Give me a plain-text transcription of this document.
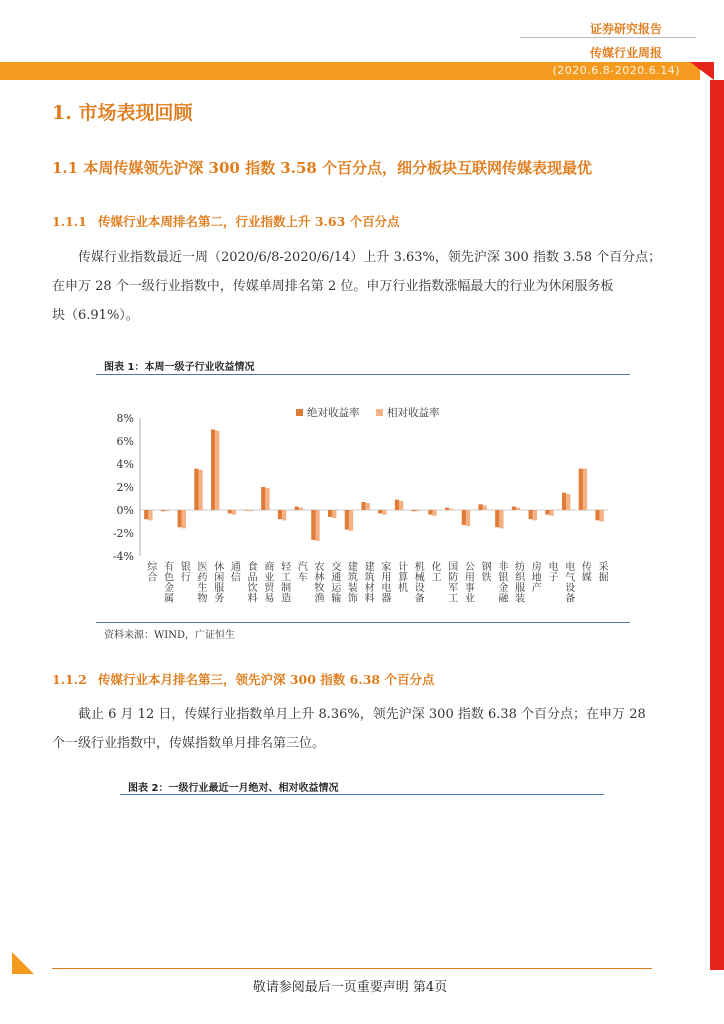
证券研究报告
传媒行业周报
(2020.6.8-2020.6.14)
1. 市场表现回顾
1.1 本周传媒领先沪深 300 指数 3.58 个百分点，细分板块互联网传媒表现最优
1.1.1 传媒行业本周排名第二，行业指数上升 3.63 个百分点
传媒行业指数最近一周（2020/6/8-2020/6/14）上升 3.63%，领先沪深 300 指数 3.58 个百分点；
在申万 28 个一级行业指数中，传媒单周排名第 2 位。申万行业指数涨幅最大的行业为休闲服务板
块（6.91%）。
图表 1：本周一级子行业收益情况
绝对收益率	相对收益率
-4%
-2%
0%
2%
4%
6%
8%
综合
有色金属
银行
医药生物
休闲服务
通信
食品饮料
商业贸易
轻工制造
汽车
农林牧渔
交通运输
建筑装饰
建筑材料
家用电器
计算机
机械设备
化工
国防军工
公用事业
钢铁
非银金融
纺织服装
房地产
电子
电气设备
传媒
采掘
资料来源：WIND，广证恒生
1.1.2 传媒行业本月排名第三，领先沪深 300 指数 6.38 个百分点
截止 6 月 12 日，传媒行业指数单月上升 8.36%，领先沪深 300 指数 6.38 个百分点；在申万 28
个一级行业指数中，传媒指数单月排名第三位。
图表 2：一级行业最近一月绝对、相对收益情况
敬请参阅最后一页重要声明 第4页
